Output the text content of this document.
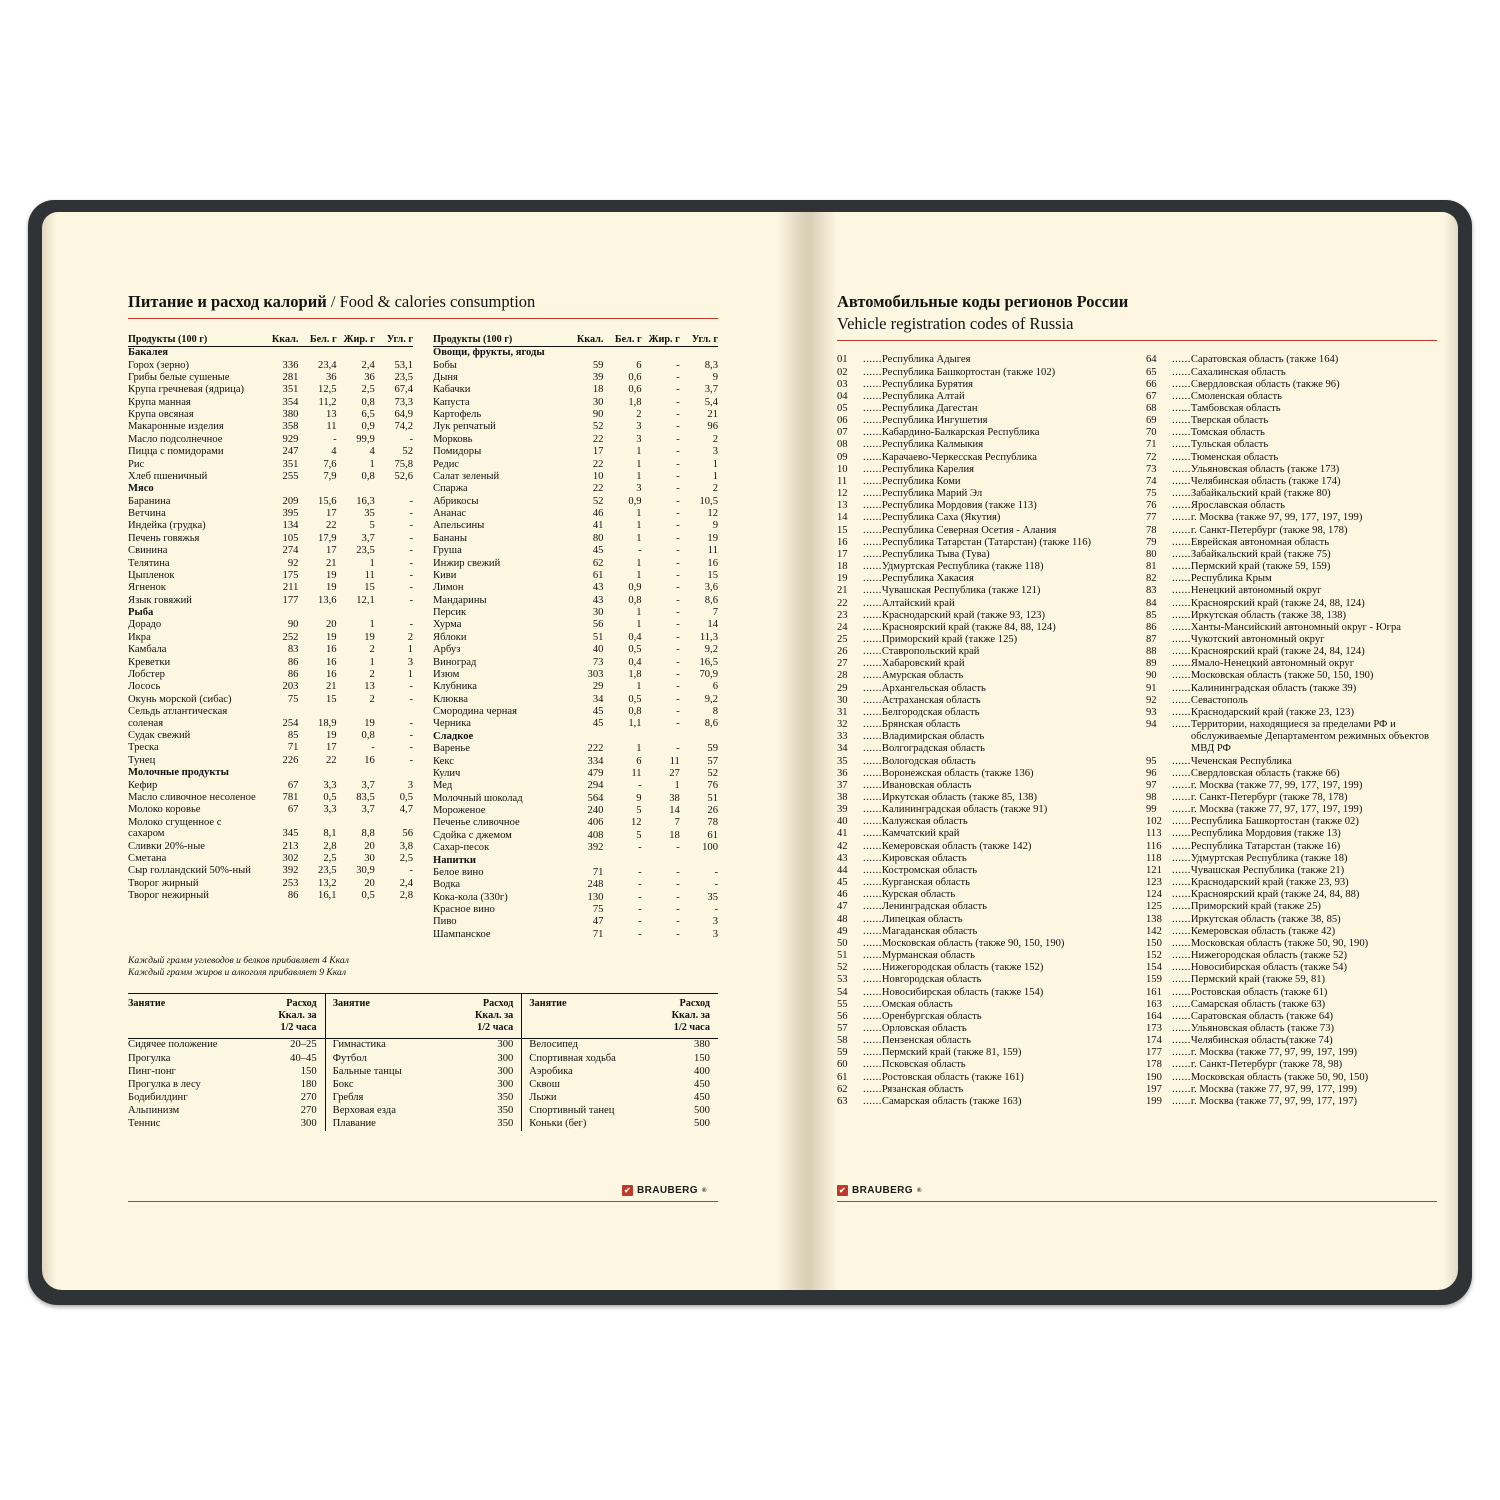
Питание и расход калорий / Food & calories consumption
Продукты (100 г)	Ккал.	Бел. г	Жир. г	Угл. г
Бакалея				
Горох (зерно)	336	23,4	2,4	53,1
Грибы белые сушеные	281	36	36	23,5
Крупа гречневая (ядрица)	351	12,5	2,5	67,4
Крупа манная	354	11,2	0,8	73,3
Крупа овсяная	380	13	6,5	64,9
Макаронные изделия	358	11	0,9	74,2
Масло подсолнечное	929	-	99,9	-
Пицца с помидорами	247	4	4	52
Рис	351	7,6	1	75,8
Хлеб пшеничный	255	7,9	0,8	52,6
Мясо				
Баранина	209	15,6	16,3	-
Ветчина	395	17	35	-
Индейка (грудка)	134	22	5	-
Печень говяжья	105	17,9	3,7	-
Свинина	274	17	23,5	-
Телятина	92	21	1	-
Цыпленок	175	19	11	-
Ягненок	211	19	15	-
Язык говяжий	177	13,6	12,1	-
Рыба				
Дорадо	90	20	1	-
Икра	252	19	19	2
Камбала	83	16	2	1
Креветки	86	16	1	3
Лобстер	86	16	2	1
Лосось	203	21	13	-
Окунь морской (сибас)	75	15	2	-
Сельдь атлантическая соленая	254	18,9	19	-
Судак свежий	85	19	0,8	-
Треска	71	17	-	-
Тунец	226	22	16	-
Молочные продукты				
Кефир	67	3,3	3,7	3
Масло сливочное несоленое	781	0,5	83,5	0,5
Молоко коровье	67	3,3	3,7	4,7
Молоко сгущенное с сахаром	345	8,1	8,8	56
Сливки 20%-ные	213	2,8	20	3,8
Сметана	302	2,5	30	2,5
Сыр голландский 50%-ный	392	23,5	30,9	-
Творог жирный	253	13,2	20	2,4
Творог нежирный	86	16,1	0,5	2,8
Продукты (100 г)	Ккал.	Бел. г	Жир. г	Угл. г
Овощи, фрукты, ягоды				
Бобы	59	6	-	8,3
Дыня	39	0,6	-	9
Кабачки	18	0,6	-	3,7
Капуста	30	1,8	-	5,4
Картофель	90	2	-	21
Лук репчатый	52	3	-	96
Морковь	22	3	-	2
Помидоры	17	1	-	3
Редис	22	1	-	1
Салат зеленый	10	1	-	1
Спаржа	22	3	-	2
Абрикосы	52	0,9	-	10,5
Ананас	46	1	-	12
Апельсины	41	1	-	9
Бананы	80	1	-	19
Груша	45	-	-	11
Инжир свежий	62	1	-	16
Киви	61	1	-	15
Лимон	43	0,9	-	3,6
Мандарины	43	0,8	-	8,6
Персик	30	1	-	7
Хурма	56	1	-	14
Яблоки	51	0,4	-	11,3
Арбуз	40	0,5	-	9,2
Виноград	73	0,4	-	16,5
Изюм	303	1,8	-	70,9
Клубника	29	1	-	6
Клюква	34	0,5	-	9,2
Смородина черная	45	0,8	-	8
Черника	45	1,1	-	8,6
Сладкое				
Варенье	222	1	-	59
Кекс	334	6	11	57
Кулич	479	11	27	52
Мед	294	-	1	76
Молочный шоколад	564	9	38	51
Мороженое	240	5	14	26
Печенье сливочное	406	12	7	78
Сдойка с джемом	408	5	18	61
Сахар-песок	392	-	-	100
Напитки				
Белое вино	71	-	-	-
Водка	248	-	-	-
Кока-кола (330г)	130	-	-	35
Красное вино	75	-	-	-
Пиво	47	-	-	3
Шампанское	71	-	-	3
Каждый грамм углеводов и белков прибавляет 4 Ккал
Каждый грамм жиров и алкоголя прибавляет 9 Ккал
Занятие	Расход
Ккал. за
1/2 часа

Сидячее положение	20–25
Прогулка	40–45
Пинг-понг	150
Прогулка в лесу	180
Бодибилдинг	270
Альпинизм	270
Теннис	300
Занятие	Расход
Ккал. за
1/2 часа

Гимнастика	300
Футбол	300
Бальные танцы	300
Бокс	300
Гребля	350
Верховая езда	350
Плавание	350
Занятие	Расход
Ккал. за
1/2 часа

Велосипед	380
Спортивная ходьба	150
Аэробика	400
Сквош	450
Лыжи	450
Спортивный танец	500
Коньки (бег)	500
✔ BRAUBERG ®
Автомобильные коды регионов России
Vehicle registration codes of Russia
01	...... Республика Адыгея
02	...... Республика Башкортостан (также 102)
03	...... Республика Бурятия
04	...... Республика Алтай
05	...... Республика Дагестан
06	...... Республика Ингушетия
07	...... Кабардино-Балкарская Республика
08	...... Республика Калмыкия
09	...... Карачаево-Черкесская Республика
10	...... Республика Карелия
11	...... Республика Коми
12	...... Республика Марий Эл
13	...... Республика Мордовия (также 113)
14	...... Республика Саха (Якутия)
15	...... Республика Северная Осетия - Алания
16	...... Республика Татарстан (Татарстан) (также 116)
17	...... Республика Тыва (Тува)
18	...... Удмуртская Республика (также 118)
19	...... Республика Хакасия
21	...... Чувашская Республика (также 121)
22	...... Алтайский край
23	...... Краснодарский край (также 93, 123)
24	...... Красноярский край (также 84, 88, 124)
25	...... Приморский край (также 125)
26	...... Ставропольский край
27	...... Хабаровский край
28	...... Амурская область
29	...... Архангельская область
30	...... Астраханская область
31	...... Белгородская область
32	...... Брянская область
33	...... Владимирская область
34	...... Волгоградская область
35	...... Вологодская область
36	...... Воронежская область (также 136)
37	...... Ивановская область
38	...... Иркутская область (также 85, 138)
39	...... Калининградская область (также 91)
40	...... Калужская область
41	...... Камчатский край
42	...... Кемеровская область (также 142)
43	...... Кировская область
44	...... Костромская область
45	...... Курганская область
46	...... Курская область
47	...... Ленинградская область
48	...... Липецкая область
49	...... Магаданская область
50	...... Московская область (также 90, 150, 190)
51	...... Мурманская область
52	...... Нижегородская область (также 152)
53	...... Новгородская область
54	...... Новосибирская область (также 154)
55	...... Омская область
56	...... Оренбургская область
57	...... Орловская область
58	...... Пензенская область
59	...... Пермский край (также 81, 159)
60	...... Псковская область
61	...... Ростовская область (также 161)
62	...... Рязанская область
63	...... Самарская область (также 163)
64	...... Саратовская область (также 164)
65	...... Сахалинская область
66	...... Свердловская область (также 96)
67	...... Смоленская область
68	...... Тамбовская область
69	...... Тверская область
70	...... Томская область
71	...... Тульская область
72	...... Тюменская область
73	...... Ульяновская область (также 173)
74	...... Челябинская область (также 174)
75	...... Забайкальский край (также 80)
76	...... Ярославская область
77	...... г. Москва (также 97, 99, 177, 197, 199)
78	...... г. Санкт-Петербург (также 98, 178)
79	...... Еврейская автономная область
80	...... Забайкальский край (также 75)
81	...... Пермский край (также 59, 159)
82	...... Республика Крым
83	...... Ненецкий автономный округ
84	...... Красноярский край (также 24, 88, 124)
85	...... Иркутская область (также 38, 138)
86	...... Ханты-Мансийский автономный округ - Югра
87	...... Чукотский автономный округ
88	...... Красноярский край (также 24, 84, 124)
89	...... Ямало-Ненецкий автономный округ
90	...... Московская область (также 50, 150, 190)
91	...... Калининградская область (также 39)
92	...... Севастополь
93	...... Краснодарский край (также 23, 123)
94	...... Территории, находящиеся за пределами РФ и обслуживаемые Департаментом режимных объектов МВД РФ
95	...... Чеченская Республика
96	...... Свердловская область (также 66)
97	...... г. Москва (также 77, 99, 177, 197, 199)
98	...... г. Санкт-Петербург (также 78, 178)
99	...... г. Москва (также 77, 97, 177, 197, 199)
102 ...... Республика Башкортостан (также 02)
113 ...... Республика Мордовия (также 13)
116 ...... Республика Татарстан (также 16)
118 ...... Удмуртская Республика (также 18)
121 ...... Чувашская Республика (также 21)
123 ...... Краснодарский край (также 23, 93)
124 ...... Красноярский край (также 24, 84, 88)
125 ...... Приморский край (также 25)
138 ...... Иркутская область (также 38, 85)
142 ...... Кемеровская область (также 42)
150 ...... Московская область (также 50, 90, 190)
152 ...... Нижегородская область (также 52)
154 ...... Новосибирская область (также 54)
159 ...... Пермский край (также 59, 81)
161 ...... Ростовская область (также 61)
163 ...... Самарская область (также 63)
164 ...... Саратовская область (также 64)
173 ...... Ульяновская область (также 73)
174 ...... Челябинская область(также 74)
177 ...... г. Москва (также 77, 97, 99, 197, 199)
178 ...... г. Санкт-Петербург (также 78, 98)
190 ...... Московская область (также 50, 90, 150)
197 ...... г. Москва (также 77, 97, 99, 177, 199)
199 ...... г. Москва (также 77, 97, 99, 177, 197)
✔ BRAUBERG ®
